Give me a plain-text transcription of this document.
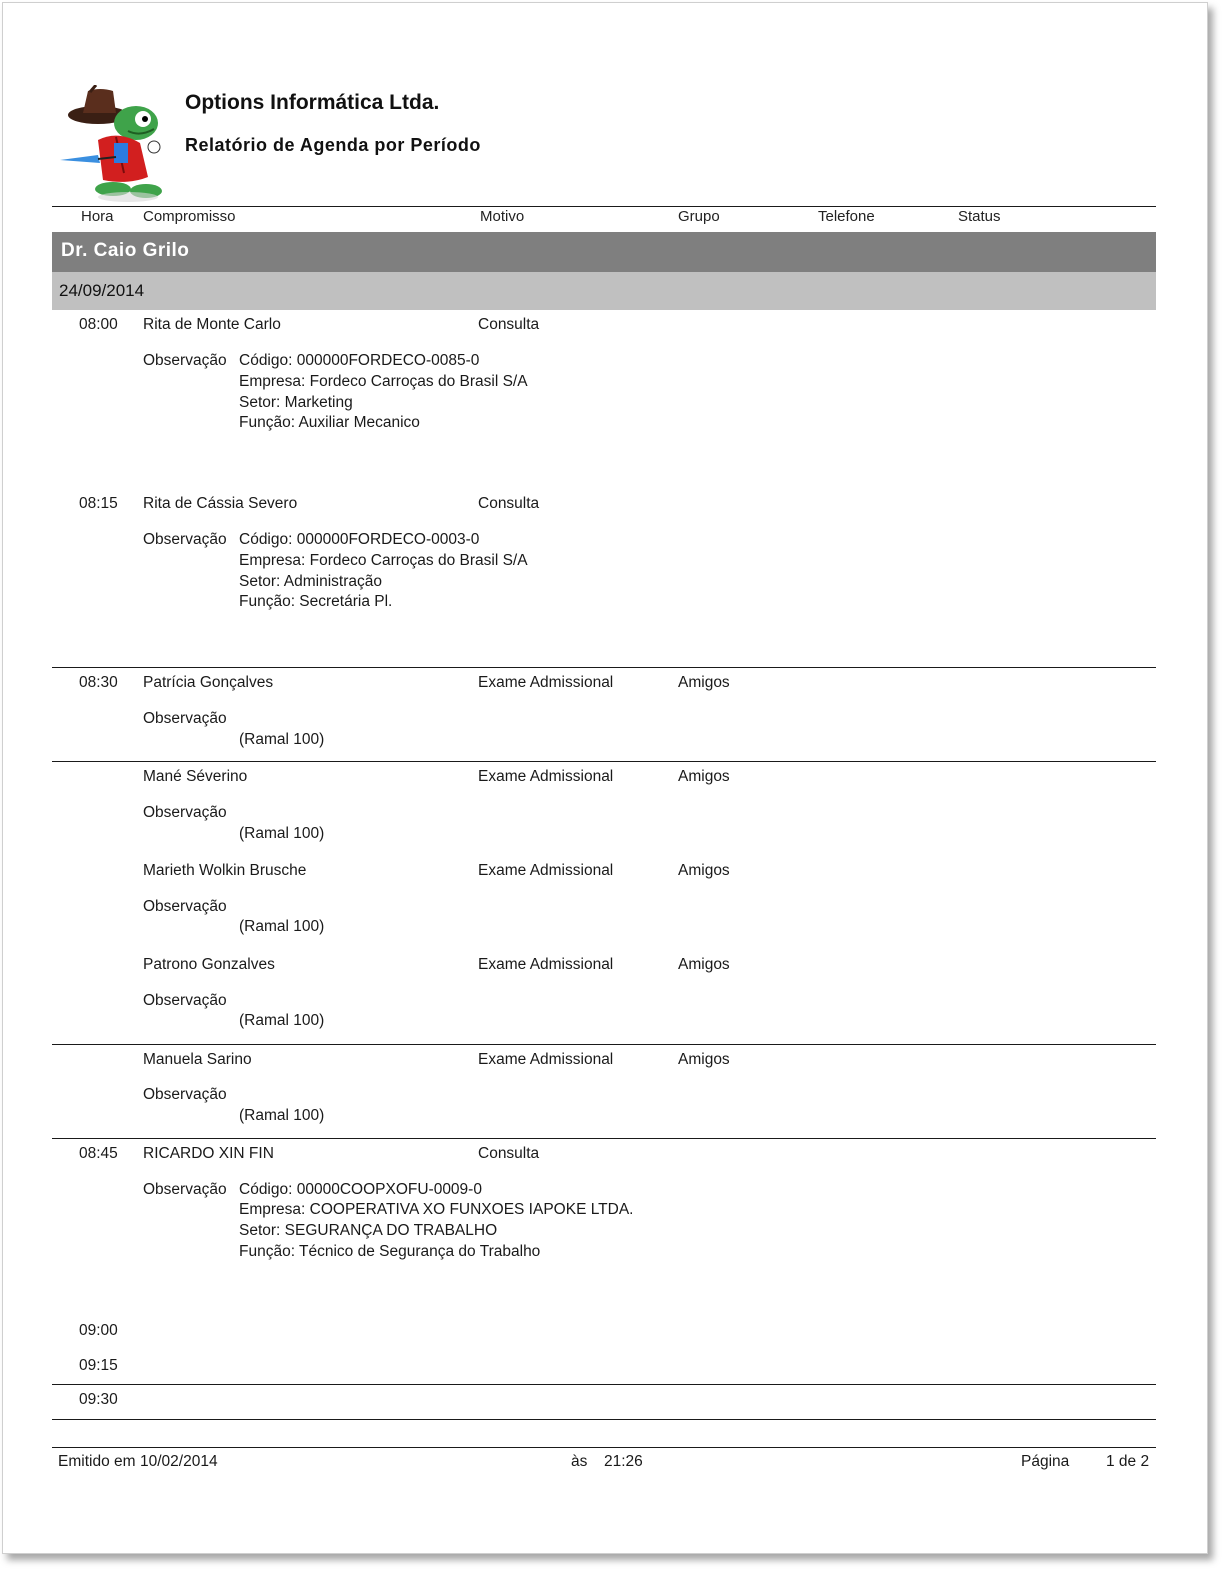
Options Informática Ltda.
Relatório de Agenda por Período
Hora Compromisso	Motivo	Grupo	Telefone	Status
Dr. Caio Grilo
24/09/2014
08:00 Rita de Monte Carlo	Consulta
Observação Código: 000000FORDECO-0085-0
Empresa: Fordeco Carroças do Brasil S/A
Setor: Marketing
Função: Auxiliar Mecanico
08:15 Rita de Cássia Severo	Consulta
Observação Código: 000000FORDECO-0003-0
Empresa: Fordeco Carroças do Brasil S/A
Setor: Administração
Função: Secretária Pl.
08:30 Patrícia Gonçalves	Exame Admissional	Amigos
Observação
(Ramal 100)
Mané Séverino	Exame Admissional	Amigos
Observação
(Ramal 100)
Marieth Wolkin Brusche	Exame Admissional	Amigos
Observação
(Ramal 100)
Patrono Gonzalves	Exame Admissional	Amigos
Observação
(Ramal 100)
Manuela Sarino	Exame Admissional	Amigos
Observação
(Ramal 100)
08:45 RICARDO XIN FIN	Consulta
Observação Código: 00000COOPXOFU-0009-0
Empresa: COOPERATIVA XO FUNXOES IAPOKE LTDA.
Setor: SEGURANÇA DO TRABALHO
Função: Técnico de Segurança do Trabalho
09:00
09:15
09:30
Emitido em 10/02/2014	às 21:26	Página 1 de 2
